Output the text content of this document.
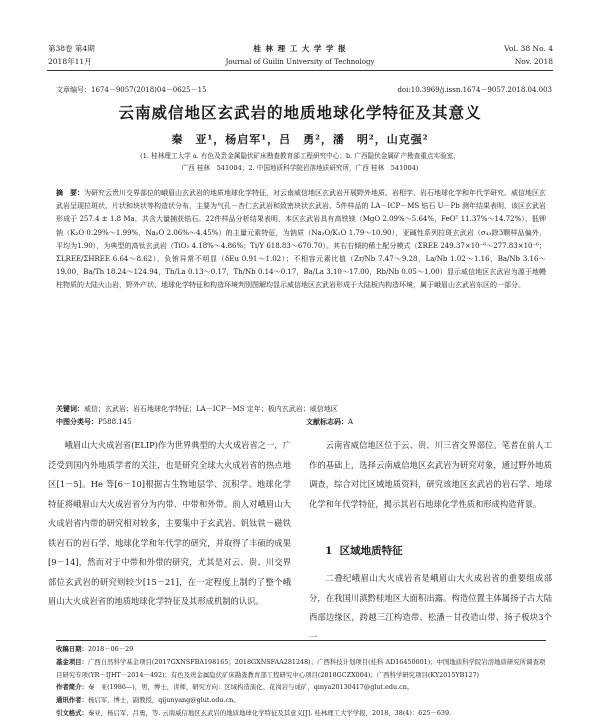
第38卷 第4期
2018年11月
桂 林 理 工 大 学 学 报
Journal of Guilin University of Technology
Vol. 38 No. 4
Nov. 2018
文章编号：1674－9057(2018)04－0625－15	doi:10.3969/j.issn.1674－9057.2018.04.003
云南威信地区玄武岩的地质地球化学特征及其意义
秦　亚¹，杨启军¹，吕　勇²，潘　明²，山克强²
(1. 桂林理工大学 a. 有色及贵金属隐伏矿床勘查教育部工程研究中心；b. 广西隐伏金属矿产勘查重点实验室，
广西 桂林　541004；2. 中国地质科学院岩溶地质研究所，广西 桂林　541004)
摘　要：为研究云贵川交界部位的峨眉山玄武岩的地质地球化学特征，对云南威信地区玄武岩开展野外地质、岩相学、岩石地球化学和年代学研究。威信地区玄武岩呈现拉斑状、片状和块状等构造状分布，主要为气孔－杏仁玄武岩和致密块状玄武岩。5件样品的 LA－ICP－MS 锆石 U－Pb 测年结果表明，该区玄武岩形成于 257.4 ± 1.8 Ma，共含大量捕获锆石。22件样品分析结果表明，本区玄武岩具有高铁镁（MgO 2.09%～5.64%，FeOᵀ 11.37%～14.72%）、低钾钠（K₂O 0.29%～1.99%，Na₂O 2.06%～4.45%）的主量元素特征，为钠质（Na₂O/K₂O 1.79～10.90），亚碱性系列拉斑玄武岩（σ₄₃除3颗样品偏外，平均为1.90），为典型的高钛玄武岩（TiO₂ 4.18%～4.86%；Ti/Y 618.83～670.70）。其右右倾的稀土配分模式（ΣREE 249.37×10⁻⁶～277.83×10⁻⁶；ΣLREE/ΣHREE 6.64～8.62），负铕异常不明显（δEu 0.91～1.02）；不相容元素比值（Zr/Nb 7.47～9.28，La/Nb 1.02～1.16，Ba/Nb 3.16～19.00，Ba/Th 18.24～124.94，Th/La 0.13～0.17，Th/Nb 0.14～0.17，Ba/La 3.10～17.00，Rb/Nb 0.05～1.00）显示威信地区玄武岩为源于地幔柱物质的大陆火山岩，野外产状、地球化学特征和构造环境判别图解均显示威信地区玄武岩形成于大陆板内构造环境，属于峨眉山玄武岩东区的一部分。
关键词：威信；玄武岩；岩石地球化学特征；LA－ICP－MS 定年；板内玄武岩；威信地区
中图分类号：P588.145	文献标志码：A
峨眉山大火成岩省(ELIP)作为世界典型的大火成岩省之一，广泛受到国内外地质学者的关注，也是研究全球大火成岩省的热点地区[1－5]。He 等[6－10]根据古生物地层学、沉积学、地球化学特征将峨眉山大火成岩省分为内带、中带和外带。前人对峨眉山大火成岩省内带的研究相对较多，主要集中于玄武岩、钒钛铁－磁铁铁岩石的岩石学、地球化学和年代学的研究，并取得了丰硕的成果[9－14]，然而对于中带和外带的研究，尤其是对云、贵、川交界部位玄武岩的研究则较少[15－21]，在一定程度上制约了整个峨眉山大火成岩省的地质地球化学特征及其形成机制的认识。
云南省威信地区位于云、贵、川三省交界部位。笔者在前人工作的基础上，选择云南威信地区玄武岩为研究对象，通过野外地质调查，综合对比区域地质资料，研究该地区玄武岩的岩石学、地球化学和年代学特征，揭示其岩石地球化学性质和形成构造背景。
1 区域地质特征
二叠纪峨眉山大火成岩省是峨眉山大火成岩省的重要组成部分，在我国川滇黔桂地区大面积出露。构造位置主体属扬子古大陆西部边缘区，跨越三江构造带、松潘－甘孜造山带、扬子板块3个一
收稿日期：2018－06－29
基金项目：广西自然科学基金项目(2017GXNSFBA198165；2018GXNSFAA281248)；广西科技计划项目(桂科 AD16450001)；中国地质科学院岩溶地质研究所调查项目研究专项(YR－IJHT－2014－492)；有色及贵金属隐伏矿床勘查教育部工程研究中心项目(2018GCZX004)；广西科学研究项目(KY2015YB127)
作者简介：秦　亚(1986—)，男，博士，讲师，研究方向：区域构造演化、花岗岩与成矿，qinya20130417@glut.edu.cn。
通讯作者：杨启军，博士，副教授，qijunyang@glut.edu.cn。
引文格式：秦亚，杨启军，吕勇，等. 云南威信地区玄武岩的地质地球化学特征及其意义[J]. 桂林理工大学学报，2018，38(4)：625－639.
